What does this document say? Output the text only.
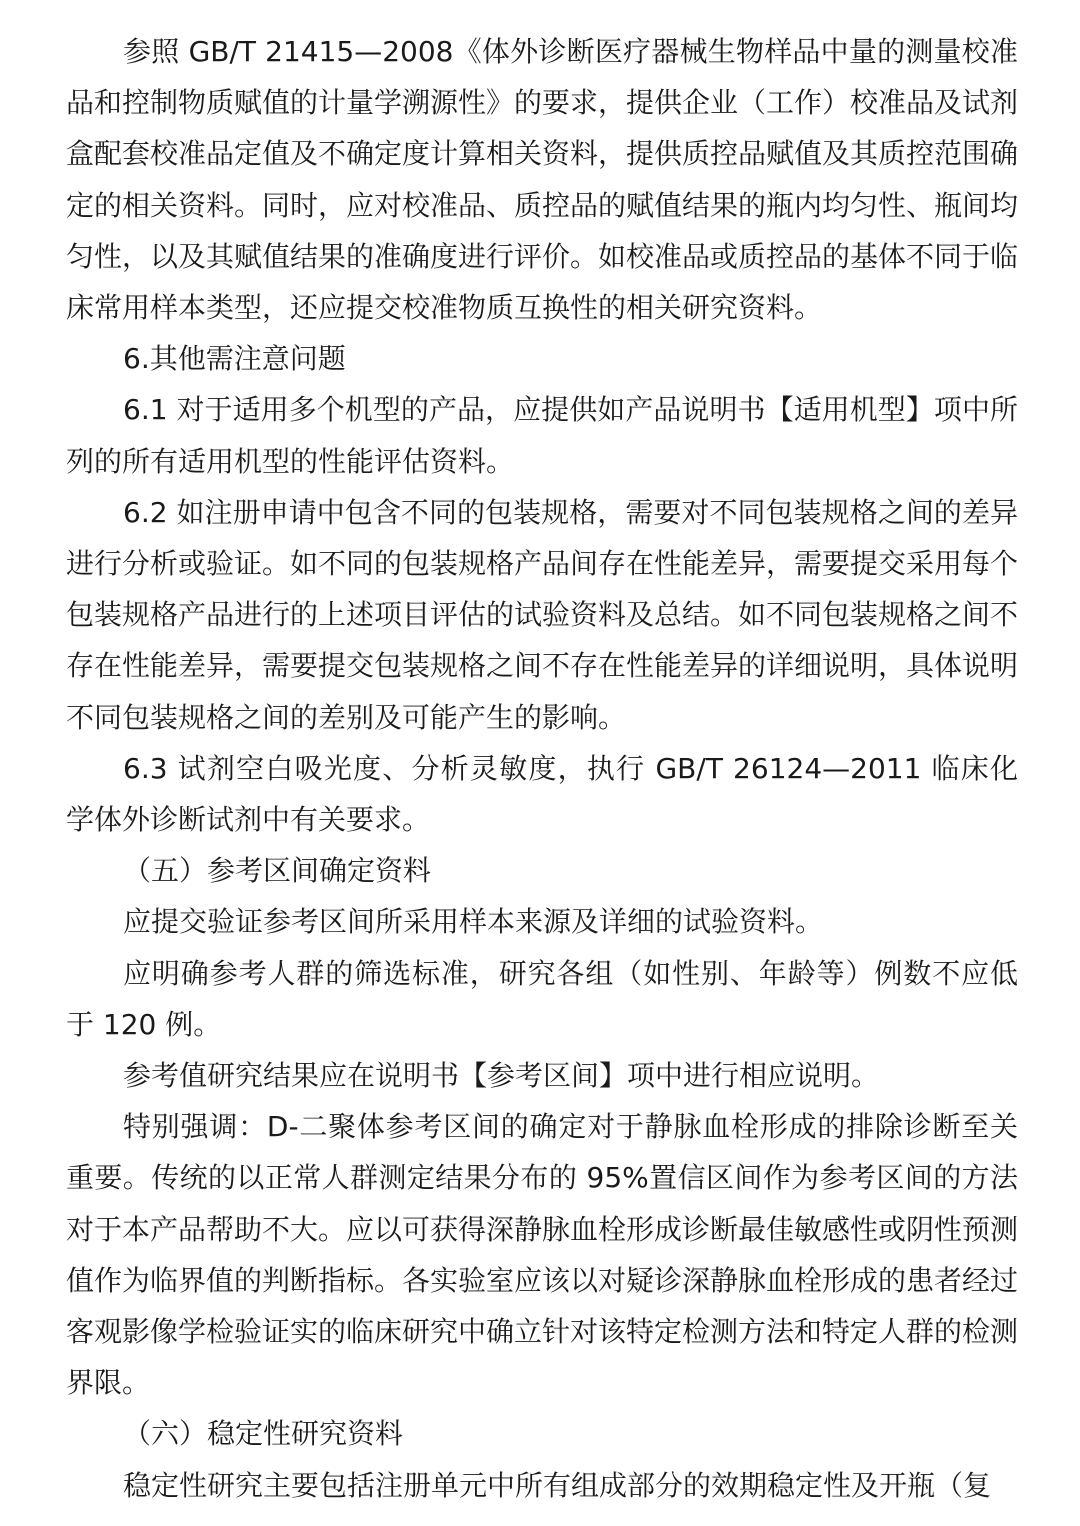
参照 GB/T 21415—2008《体外诊断医疗器械生物样品中量的测量校准品和控制物质赋值的计量学溯源性》的要求，提供企业（工作）校准品及试剂盒配套校准品定值及不确定度计算相关资料，提供质控品赋值及其质控范围确定的相关资料。同时，应对校准品、质控品的赋值结果的瓶内均匀性、瓶间均匀性，以及其赋值结果的准确度进行评价。如校准品或质控品的基体不同于临床常用样本类型，还应提交校准物质互换性的相关研究资料。

6.其他需注意问题

6.1 对于适用多个机型的产品，应提供如产品说明书【适用机型】项中所列的所有适用机型的性能评估资料。

6.2 如注册申请中包含不同的包装规格，需要对不同包装规格之间的差异进行分析或验证。如不同的包装规格产品间存在性能差异，需要提交采用每个包装规格产品进行的上述项目评估的试验资料及总结。如不同包装规格之间不存在性能差异，需要提交包装规格之间不存在性能差异的详细说明，具体说明不同包装规格之间的差别及可能产生的影响。

6.3 试剂空白吸光度、分析灵敏度，执行 GB/T 26124—2011 临床化学体外诊断试剂中有关要求。

（五）参考区间确定资料

应提交验证参考区间所采用样本来源及详细的试验资料。

应明确参考人群的筛选标准，研究各组（如性别、年龄等）例数不应低于 120 例。

参考值研究结果应在说明书【参考区间】项中进行相应说明。

特别强调：D-二聚体参考区间的确定对于静脉血栓形成的排除诊断至关重要。传统的以正常人群测定结果分布的 95%置信区间作为参考区间的方法对于本产品帮助不大。应以可获得深静脉血栓形成诊断最佳敏感性或阴性预测值作为临界值的判断指标。各实验室应该以对疑诊深静脉血栓形成的患者经过客观影像学检验证实的临床研究中确立针对该特定检测方法和特定人群的检测界限。

（六）稳定性研究资料

稳定性研究主要包括注册单元中所有组成部分的效期稳定性及开瓶（复
